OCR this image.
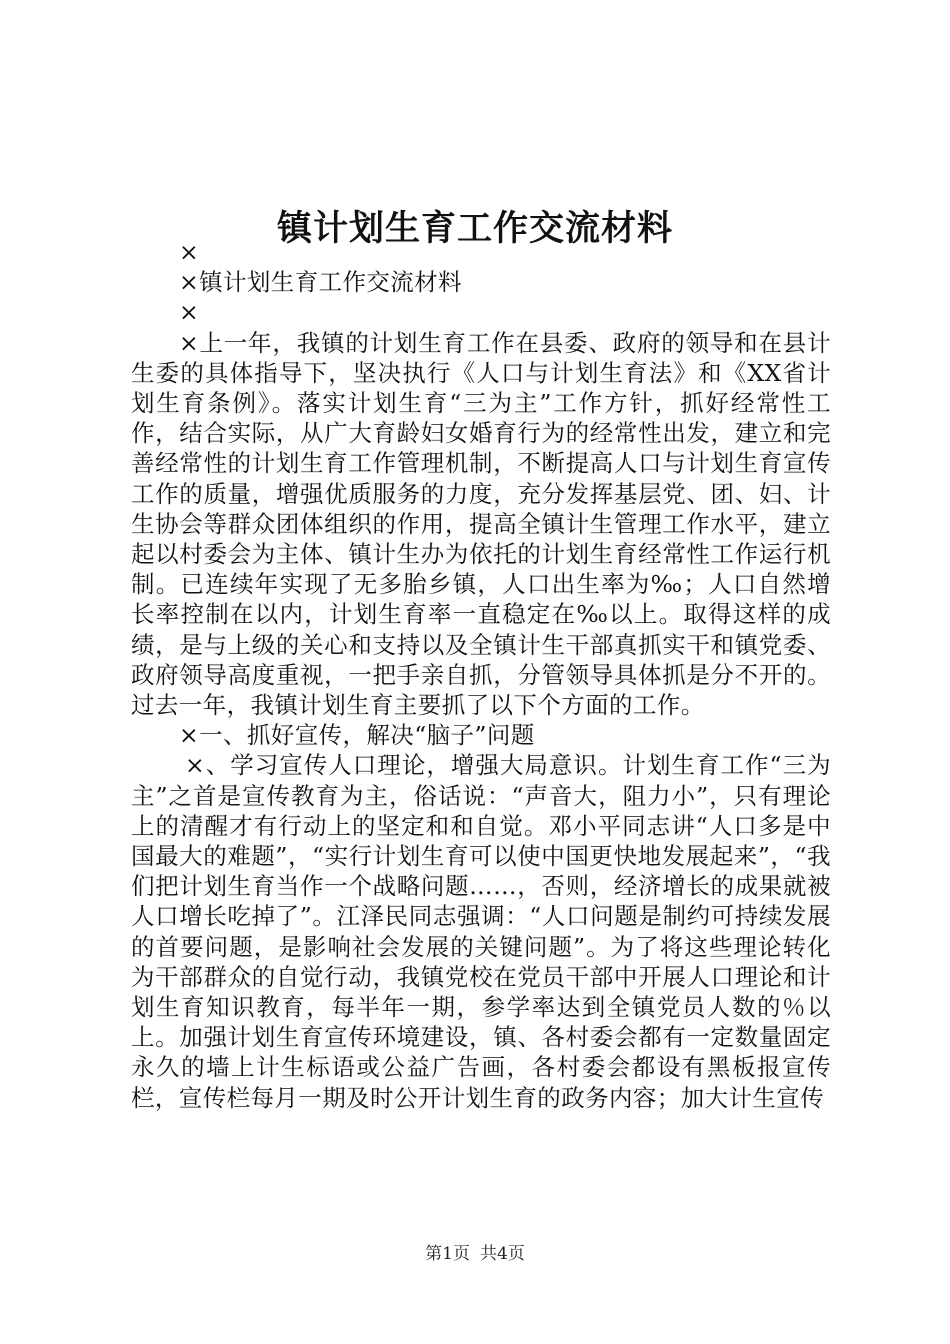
镇计划生育工作交流材料

×

×镇计划生育工作交流材料

×

×上一年，我镇的计划生育工作在县委、政府的领导和在县计生委的具体指导下，坚决执行《人口与计划生育法》和《XX省计划生育条例》。落实计划生育“三为主”工作方针，抓好经常性工作，结合实际，从广大育龄妇女婚育行为的经常性出发，建立和完善经常性的计划生育工作管理机制，不断提高人口与计划生育宣传工作的质量，增强优质服务的力度，充分发挥基层党、团、妇、计生协会等群众团体组织的作用，提高全镇计生管理工作水平，建立起以村委会为主体、镇计生办为依托的计划生育经常性工作运行机制。已连续年实现了无多胎乡镇，人口出生率为‰；人口自然增长率控制在以内，计划生育率一直稳定在‰以上。取得这样的成绩，是与上级的关心和支持以及全镇计生干部真抓实干和镇党委、政府领导高度重视，一把手亲自抓，分管领导具体抓是分不开的。过去一年，我镇计划生育主要抓了以下个方面的工作。

×一、抓好宣传，解决“脑子”问题

×、学习宣传人口理论，增强大局意识。计划生育工作“三为主”之首是宣传教育为主，俗话说：“声音大，阻力小”，只有理论上的清醒才有行动上的坚定和和自觉。邓小平同志讲“人口多是中国最大的难题”，“实行计划生育可以使中国更快地发展起来”，“我们把计划生育当作一个战略问题……，否则，经济增长的成果就被人口增长吃掉了”。江泽民同志强调：“人口问题是制约可持续发展的首要问题，是影响社会发展的关键问题”。为了将这些理论转化为干部群众的自觉行动，我镇党校在党员干部中开展人口理论和计划生育知识教育，每半年一期，参学率达到全镇党员人数的％以上。加强计划生育宣传环境建设，镇、各村委会都有一定数量固定永久的墙上计生标语或公益广告画，各村委会都设有黑板报宣传栏，宣传栏每月一期及时公开计划生育的政务内容；加大计生宣传

第1页 共4页
